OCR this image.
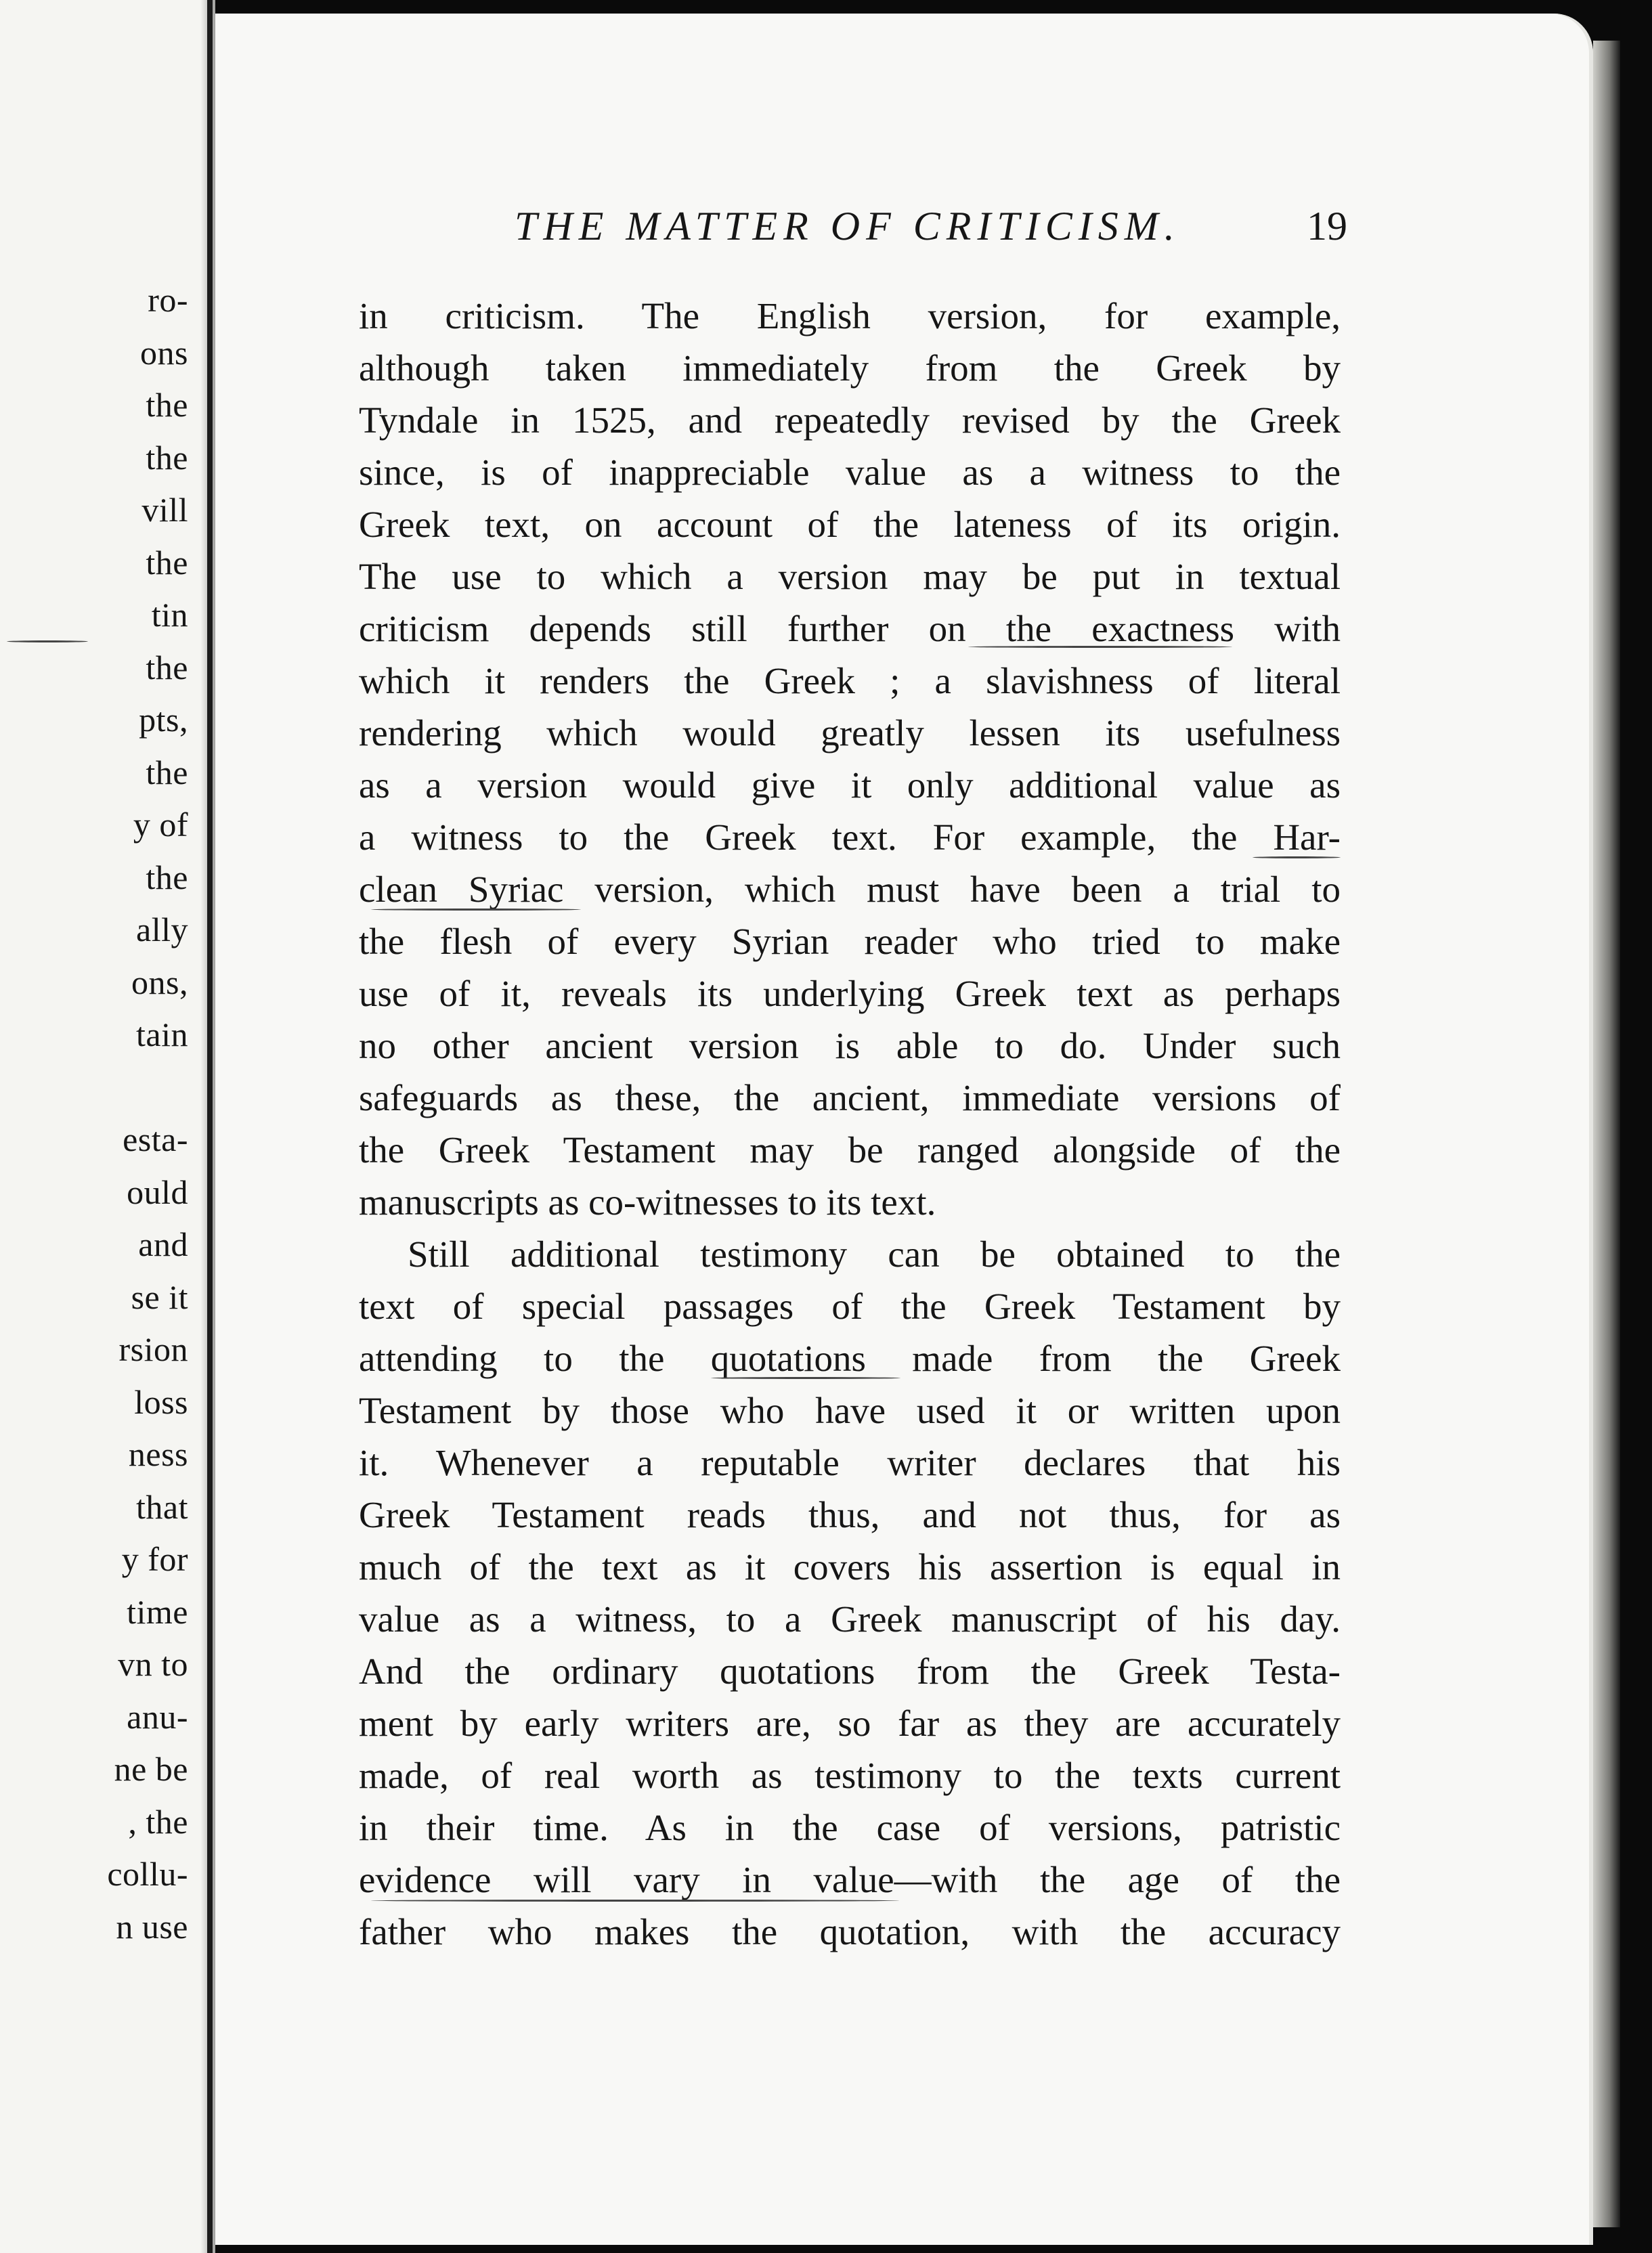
ro-
ons
the
the
vill
the
tin
the
pts,
the
y of
the
ally
ons,
tain
esta-
ould
and
se it
rsion
loss
ness
that
y for
time
vn to
anu-
ne be
, the
collu-
n use
THE MATTER OF CRITICISM.	19
in criticism. The English version, for example,
although taken immediately from the Greek by
Tyndale in 1525, and repeatedly revised by the Greek
since, is of inappreciable value as a witness to the
Greek text, on account of the lateness of its origin.
The use to which a version may be put in textual
criticism depends still further on the exactness with
which it renders the Greek ; a slavishness of literal
rendering which would greatly lessen its usefulness
as a version would give it only additional value as
a witness to the Greek text. For example, the Har-
clean Syriac version, which must have been a trial to
the flesh of every Syrian reader who tried to make
use of it, reveals its underlying Greek text as perhaps
no other ancient version is able to do. Under such
safeguards as these, the ancient, immediate versions of
the Greek Testament may be ranged alongside of the
manuscripts as co-witnesses to its text.
Still additional testimony can be obtained to the
text of special passages of the Greek Testament by
attending to the quotations made from the Greek
Testament by those who have used it or written upon
it. Whenever a reputable writer declares that his
Greek Testament reads thus, and not thus, for as
much of the text as it covers his assertion is equal in
value as a witness, to a Greek manuscript of his day.
And the ordinary quotations from the Greek Testa-
ment by early writers are, so far as they are accurately
made, of real worth as testimony to the texts current
in their time. As in the case of versions, patristic
evidence will vary in value—with the age of the
father who makes the quotation, with the accuracy
